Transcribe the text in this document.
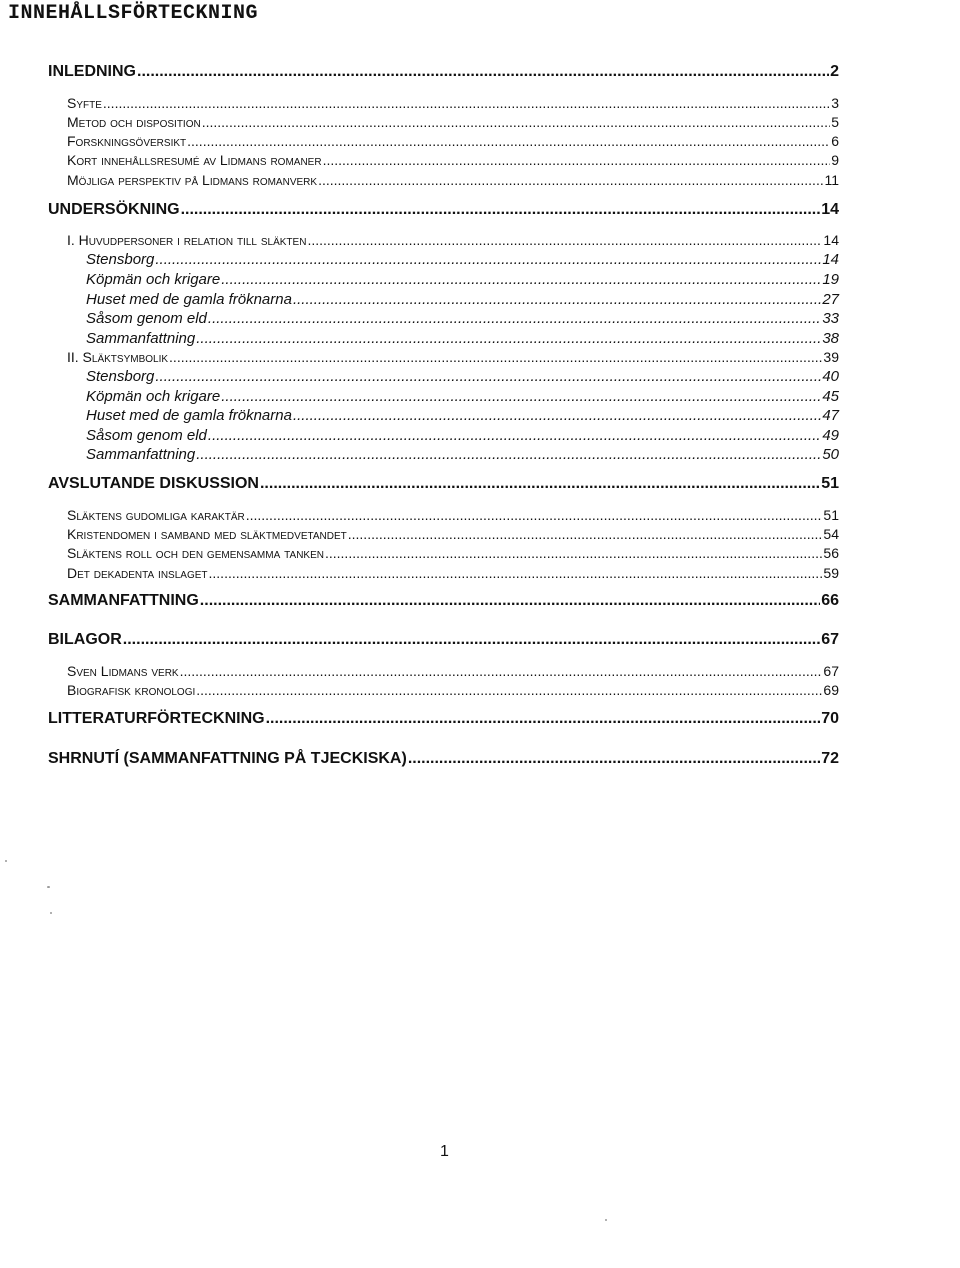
INNEHÅLLSFÖRTECKNING
INLEDNING .....	2
Syfte .....	3
Metod och disposition .....	5
Forskningsöversikt .....	6
Kort innehållsresumé av Lidmans romaner .....	9
Möjliga perspektiv på Lidmans romanverk .....	11
UNDERSÖKNING .....	14
I. Huvudpersoner i relation till släkten .....	14
Stensborg .....	14
Köpmän och krigare .....	19
Huset med de gamla fröknarna .....	27
Såsom genom eld .....	33
Sammanfattning .....	38
II. Släktsymbolik .....	39
Stensborg .....	40
Köpmän och krigare .....	45
Huset med de gamla fröknarna .....	47
Såsom genom eld .....	49
Sammanfattning .....	50
AVSLUTANDE DISKUSSION .....	51
Släktens gudomliga karaktär .....	51
Kristendomen i samband med släktmedvetandet .....	54
Släktens roll och den gemensamma tanken .....	56
Det dekadenta inslaget .....	59
SAMMANFATTNING .....	66
BILAGOR .....	67
Sven Lidmans verk .....	67
Biografisk kronologi .....	69
LITTERATURFÖRTECKNING .....	70
SHRNUTÍ (SAMMANFATTNING PÅ TJECKISKA) .....	72
1
